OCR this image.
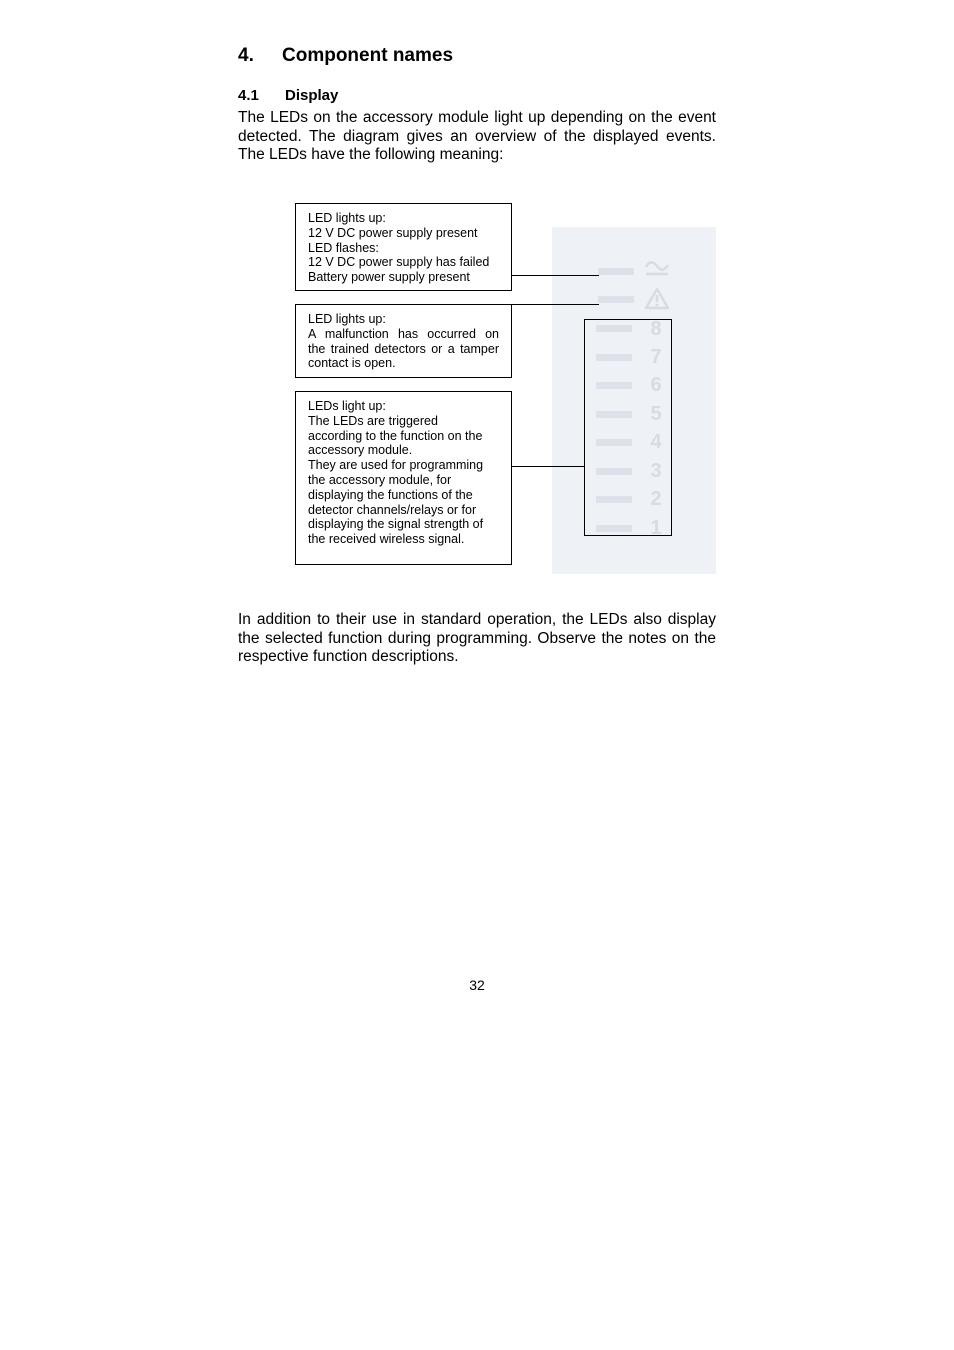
4. Component names
4.1 Display

The LEDs on the accessory module light up depending on the event detected. The diagram gives an overview of the displayed events. The LEDs have the following meaning:

LED lights up:
12 V DC power supply present
LED flashes:
12 V DC power supply has failed
Battery power supply present
LED lights up:
A malfunction has occurred on
the trained detectors or a tamper
contact is open.
LEDs light up:
The LEDs are triggered
according to the function on the
accessory module.
They are used for programming
the accessory module, for
displaying the functions of the
detector channels/relays or for
displaying the signal strength of
the received wireless signal.
8
7
6
5
4
3
2
1

In addition to their use in standard operation, the LEDs also display the selected function during programming. Observe the notes on the respective function descriptions.

32
